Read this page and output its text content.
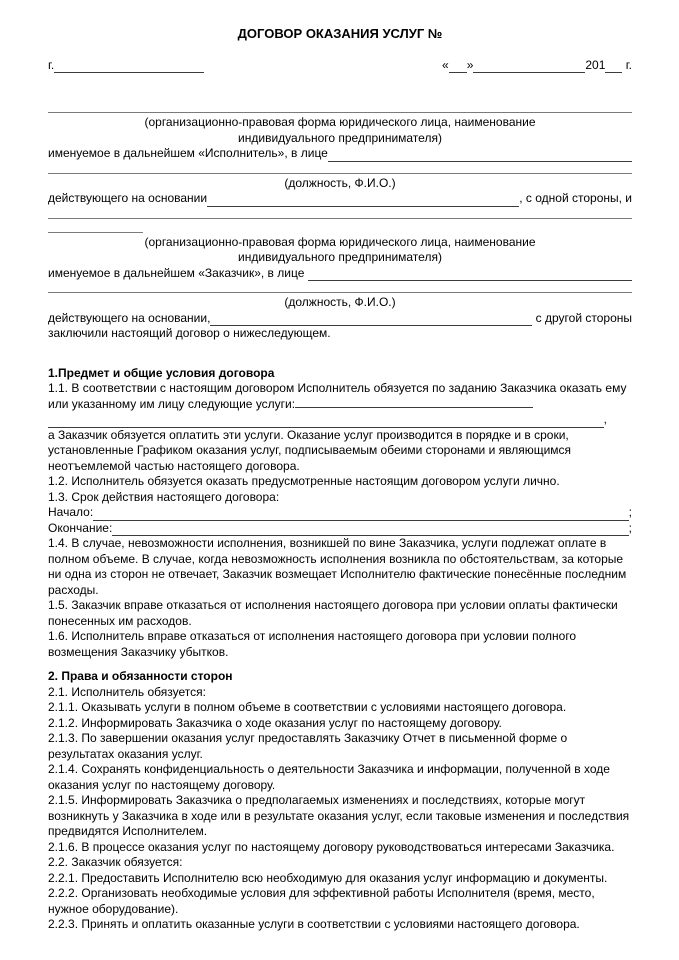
ДОГОВОР ОКАЗАНИЯ УСЛУГ №
г.	« »	201
г.
(организационно-правовая форма юридического лица, наименование
индивидуального предпринимателя)
именуемое в дальнейшем «Исполнитель», в лице
(должность, Ф.И.О.)
действующего на основании	, с одной стороны, и
(организационно-правовая форма юридического лица, наименование
индивидуального предпринимателя)
именуемое в дальнейшем «Заказчик», в лице
(должность, Ф.И.О.)
действующего на основании,	с другой стороны
заключили настоящий договор о нижеследующем.
1.Предмет и общие условия договора
1.1. В соответствии с настоящим договором Исполнитель обязуется по заданию Заказчика оказать ему или указанному им лицу следующие услуги:
,
а Заказчик обязуется оплатить эти услуги. Оказание услуг производится в порядке и в сроки, установленные Графиком оказания услуг, подписываемым обеими сторонами и являющимся неотъемлемой частью настоящего договора.
1.2. Исполнитель обязуется оказать предусмотренные настоящим договором услуги лично.
1.3. Срок действия настоящего договора:
Начало:	;
Окончание:	;
1.4. В случае, невозможности исполнения, возникшей по вине Заказчика, услуги подлежат оплате в полном объеме. В случае, когда невозможность исполнения возникла по обстоятельствам, за которые ни одна из сторон не отвечает, Заказчик возмещает Исполнителю фактические понесённые последним расходы.
1.5. Заказчик вправе отказаться от исполнения настоящего договора при условии оплаты фактически понесенных им расходов.
1.6. Исполнитель вправе отказаться от исполнения настоящего договора при условии полного возмещения Заказчику убытков.
2. Права и обязанности сторон
2.1. Исполнитель обязуется:
2.1.1. Оказывать услуги в полном объеме в соответствии с условиями настоящего договора.
2.1.2. Информировать Заказчика о ходе оказания услуг по настоящему договору.
2.1.3. По завершении оказания услуг предоставлять Заказчику Отчет в письменной форме о результатах оказания услуг.
2.1.4. Сохранять конфиденциальность о деятельности Заказчика и информации, полученной в ходе оказания услуг по настоящему договору.
2.1.5. Информировать Заказчика о предполагаемых изменениях и последствиях, которые могут возникнуть у Заказчика в ходе или в результате оказания услуг, если таковые изменения и последствия предвидятся Исполнителем.
2.1.6. В процессе оказания услуг по настоящему договору руководствоваться интересами Заказчика.
2.2. Заказчик обязуется:
2.2.1. Предоставить Исполнителю всю необходимую для оказания услуг информацию и документы.
2.2.2. Организовать необходимые условия для эффективной работы Исполнителя (время, место, нужное оборудование).
2.2.3. Принять и оплатить оказанные услуги в соответствии с условиями настоящего договора.
